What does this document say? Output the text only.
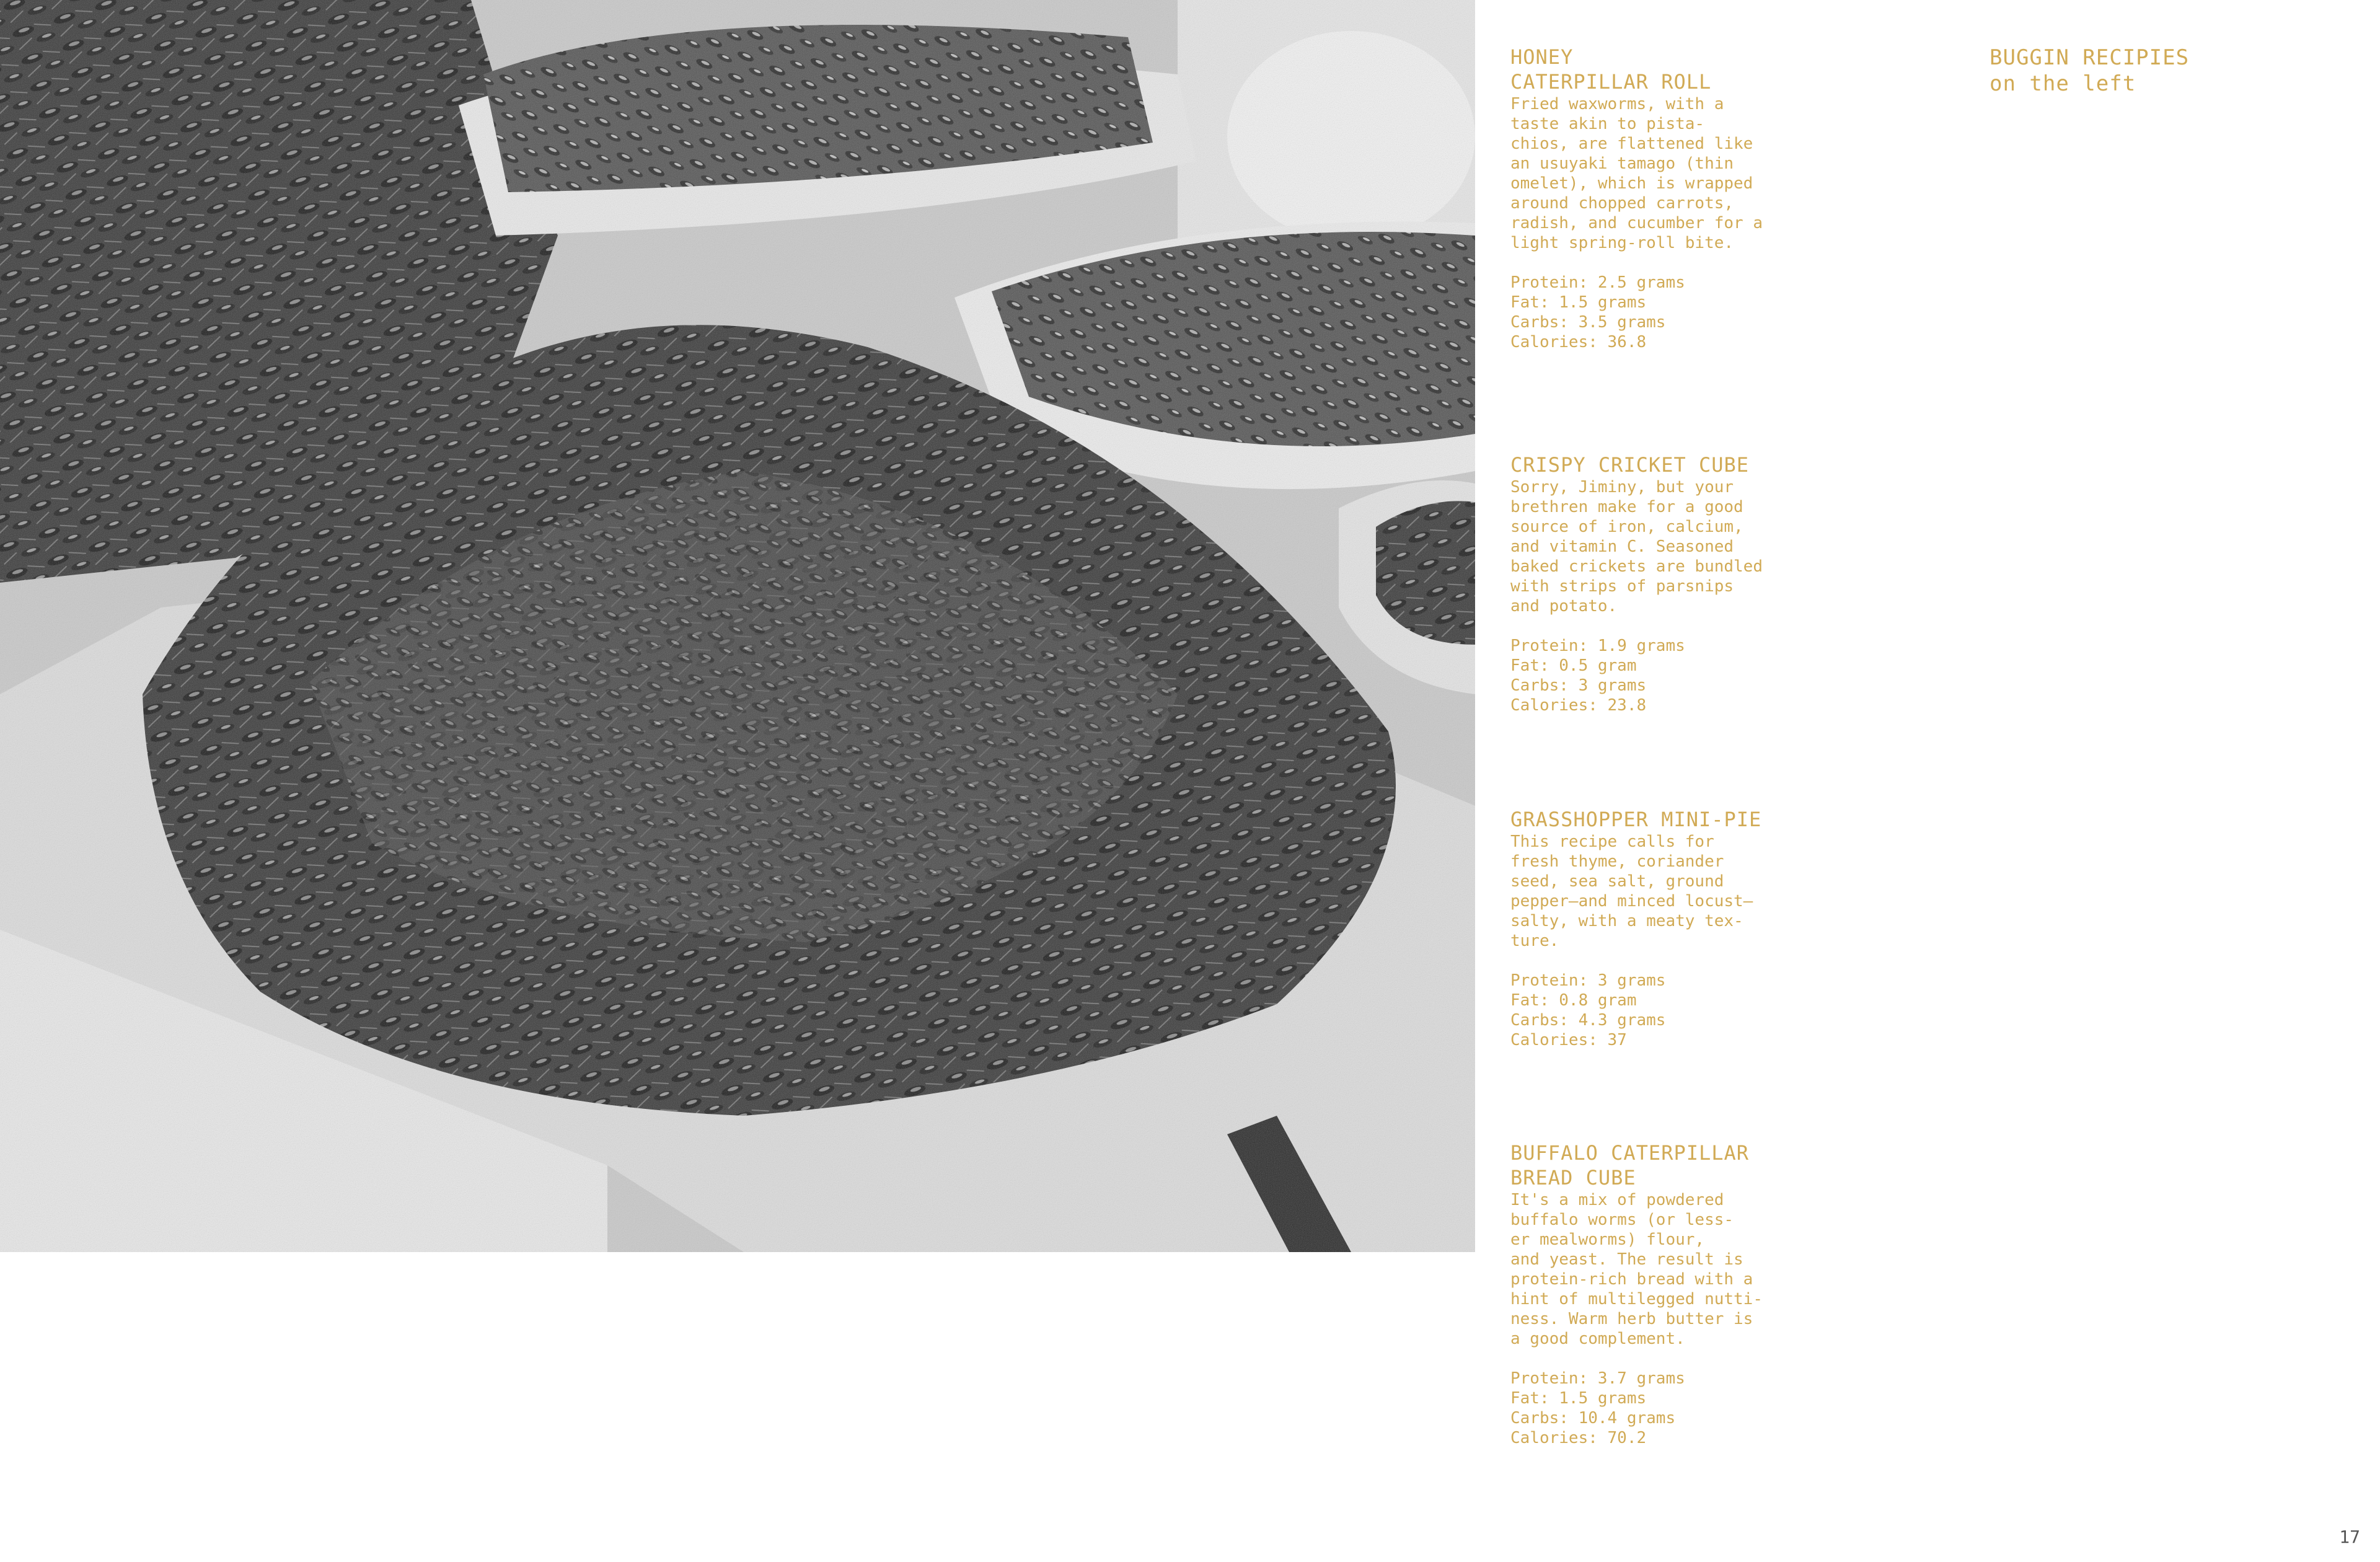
BUGGIN RECIPIES
on the left

HONEY
CATERPILLAR ROLL

Fried waxworms, with a
taste akin to pista-
chios, are flattened like
an usuyaki tamago (thin
omelet), which is wrapped
around chopped carrots,
radish, and cucumber for a
light spring-roll bite.

Protein: 2.5 grams
Fat: 1.5 grams
Carbs: 3.5 grams
Calories: 36.8

CRISPY CRICKET CUBE

Sorry, Jiminy, but your
brethren make for a good
source of iron, calcium,
and vitamin C. Seasoned
baked crickets are bundled
with strips of parsnips
and potato.

Protein: 1.9 grams
Fat: 0.5 gram
Carbs: 3 grams
Calories: 23.8

GRASSHOPPER MINI-PIE

This recipe calls for
fresh thyme, coriander
seed, sea salt, ground
pepper—and minced locust—
salty, with a meaty tex-
ture.

Protein: 3 grams
Fat: 0.8 gram
Carbs: 4.3 grams
Calories: 37

BUFFALO CATERPILLAR
BREAD CUBE

It's a mix of powdered
buffalo worms (or less-
er mealworms) flour,
and yeast. The result is
protein-rich bread with a
hint of multilegged nutti-
ness. Warm herb butter is
a good complement.

Protein: 3.7 grams
Fat: 1.5 grams
Carbs: 10.4 grams
Calories: 70.2
17
